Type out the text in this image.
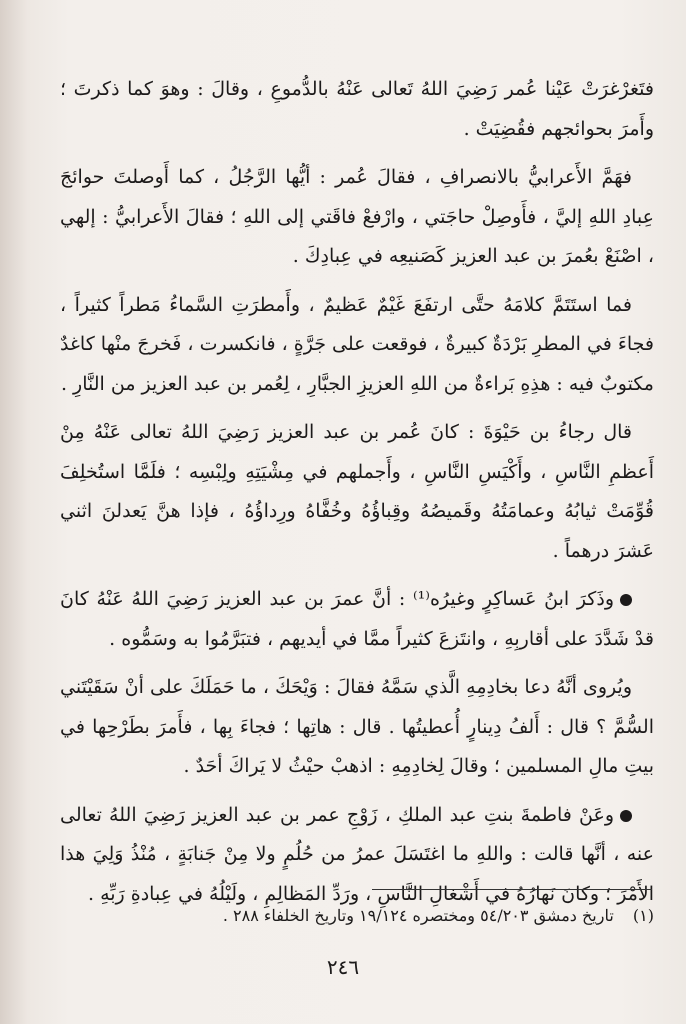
فتَغرْغرَتْ عَيْنا عُمر رَضِيَ اللهُ تَعالى عَنْهُ بالدُّموعِ ، وقالَ : وهوَ كما ذكرتَ ؛ وأَمرَ بحوائجهم فقُضِيَتْ .

فهَمَّ الأَعرابيُّ بالانصرافِ ، فقالَ عُمر : أيُّها الرَّجُلُ ، كما أَوصلتَ حوائجَ عِبادِ اللهِ إليَّ ، فأَوصِلْ حاجَتي ، وارْفعْ فاقَتي إلى اللهِ ؛ فقالَ الأَعرابيُّ : إلهي ، اصْنَعْ بعُمرَ بن عبد العزيز كَصَنيعِه في عِبادِكَ .

فما استَتَمَّ كلامَهُ حتَّى ارتفَعَ غَيْمٌ عَظيمٌ ، وأَمطرَتِ السَّماءُ مَطراً كثيراً ، فجاءَ في المطرِ بَرْدَةٌ كبيرةٌ ، فوقعت على جَرَّةٍ ، فانكسرت ، فَخرجَ منْها كاغدٌ مكتوبٌ فيه : هذِهِ بَراءةٌ من اللهِ العزيزِ الجبَّارِ ، لِعُمر بن عبد العزيز من النَّارِ .

قال رجاءُ بن حَيْوَةَ : كانَ عُمر بن عبد العزيز رَضِيَ اللهُ تعالى عَنْهُ مِنْ أَعظمِ النَّاسِ ، وأَكْيَسِ النَّاسِ ، وأَجملهم في مِشْيَتِهِ ولِبْسِه ؛ فلَمَّا استُخلِفَ قُوِّمَتْ ثيابُهُ وعمامَتُهُ وقَميصُهُ وقِباؤُهُ وخُفَّاهُ ورِداؤُهُ ، فإذا هنَّ يَعدلنَ اثني عَشرَ درهماً .

وذَكرَ ابنُ عَساكِرٍ وغيرُه⁽¹⁾ : أنَّ عمرَ بن عبد العزيز رَضِيَ اللهُ عَنْهُ كانَ قدْ شَدَّدَ على أقاربِهِ ، وانتَزعَ كثيراً ممَّا في أيديهم ، فتبَرَّمُوا به وسَمُّوه .

ويُروى أنَّهُ دعا بخادِمِهِ الَّذي سَمَّهُ فقالَ : وَيْحَكَ ، ما حَمَلَكَ على أنْ سَقَيْتَني السُّمَّ ؟ قال : أَلفُ دِينارٍ أُعطيتُها . قال : هاتِها ؛ فجاءَ بِها ، فأَمرَ بطَرْحِها في بيتِ مالِ المسلمين ؛ وقالَ لِخادِمِهِ : اذهبْ حيْثُ لا يَراكَ أحَدٌ .

وعَنْ فاطمةَ بنتِ عبد الملكِ ، زَوْجِ عمر بن عبد العزيز رَضِيَ اللهُ تعالى عنه ، أنَّها قالت : واللهِ ما اغتَسَلَ عمرُ من حُلُمٍ ولا مِنْ جَنابَةٍ ، مُنْذُ وَلِيَ هذا الأَمْرَ ؛ وكانَ نَهارُهُ في أَشْغالِ النَّاسِ ، ورَدِّ المَظالِمِ ، ولَيْلُهُ في عِبادةِ رَبِّهِ .

(١) تاريخ دمشق ٥٤/٢٠٣ ومختصره ١٩/١٢٤ وتاريخ الخلفاء ٢٨٨ .
٢٤٦
